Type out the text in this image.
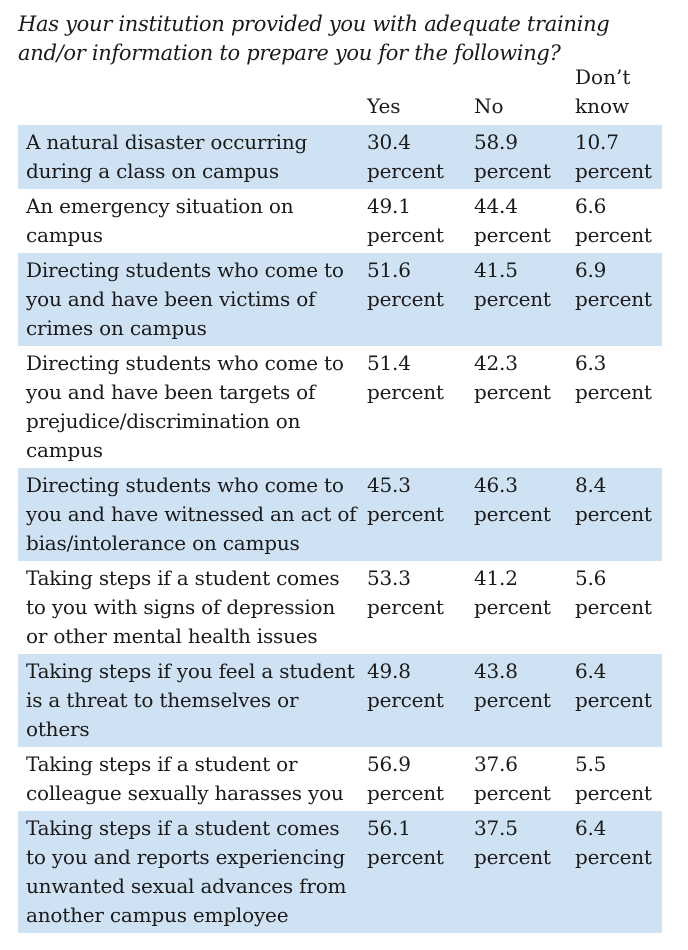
Has your institution provided you with adequate training and/or information to prepare you for the following?
Yes	No
Don’t
know
A natural disaster occurring during a class on campus
30.4
percent
58.9
percent
10.7
percent
An emergency situation on campus
49.1
percent
44.4
percent
6.6
percent
Directing students who come to you and have been victims of crimes on campus
51.6
percent
41.5
percent
6.9
percent
Directing students who come to you and have been targets of prejudice/discrimination on campus
51.4
percent
42.3
percent
6.3
percent
Directing students who come to you and have witnessed an act of bias/intolerance on campus
45.3
percent
46.3
percent
8.4
percent
Taking steps if a student comes to you with signs of depression or other mental health issues
53.3
percent
41.2
percent
5.6
percent
Taking steps if you feel a student is a threat to themselves or others
49.8
percent
43.8
percent
6.4
percent
Taking steps if a student or colleague sexually harasses you
56.9
percent
37.6
percent
5.5
percent
Taking steps if a student comes to you and reports experiencing unwanted sexual advances from another campus employee
56.1
percent
37.5
percent
6.4
percent
